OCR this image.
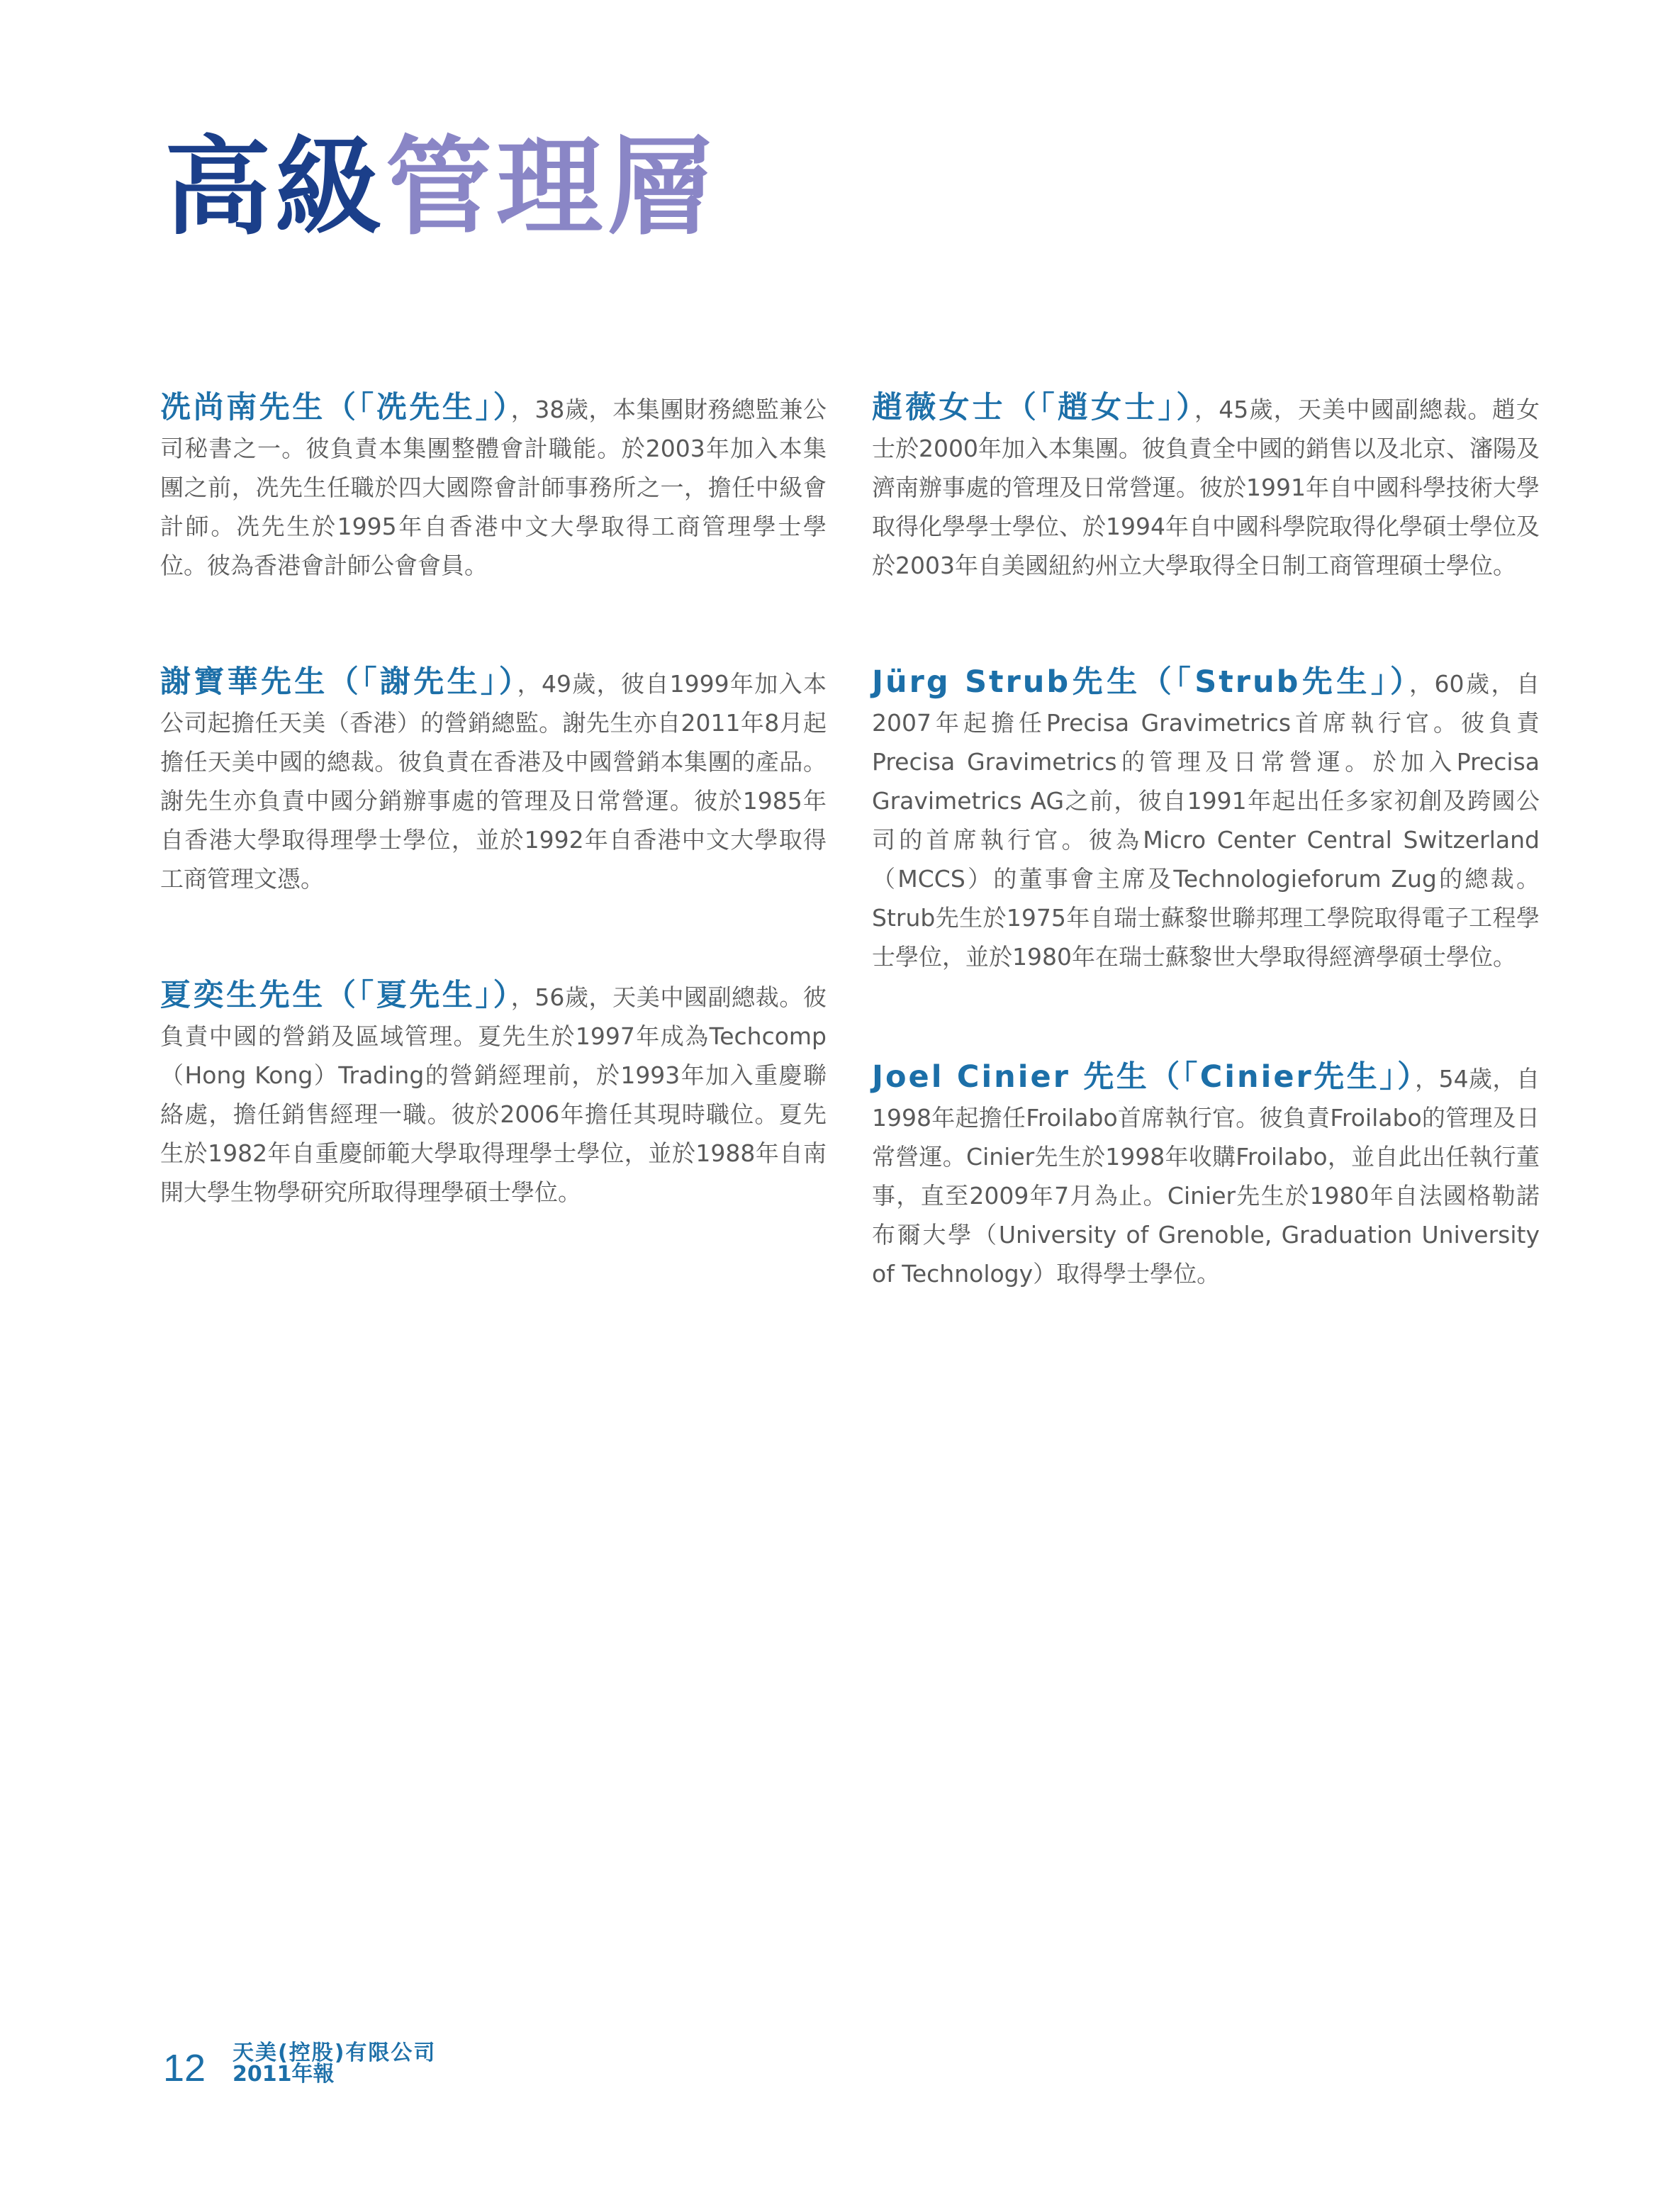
高級管理層

冼尚南先生（「冼先生」），38歲，本集團財務總監兼公司秘書之一。彼負責本集團整體會計職能。於2003年加入本集團之前，冼先生任職於四大國際會計師事務所之一，擔任中級會計師。冼先生於1995年自香港中文大學取得工商管理學士學位。彼為香港會計師公會會員。

謝寶華先生（「謝先生」），49歲，彼自1999年加入本公司起擔任天美（香港）的營銷總監。謝先生亦自2011年8月起擔任天美中國的總裁。彼負責在香港及中國營銷本集團的產品。謝先生亦負責中國分銷辦事處的管理及日常營運。彼於1985年自香港大學取得理學士學位，並於1992年自香港中文大學取得工商管理文憑。

夏奕生先生（「夏先生」），56歲，天美中國副總裁。彼負責中國的營銷及區域管理。夏先生於1997年成為Techcomp（Hong Kong）Trading的營銷經理前，於1993年加入重慶聯絡處，擔任銷售經理一職。彼於2006年擔任其現時職位。夏先生於1982年自重慶師範大學取得理學士學位，並於1988年自南開大學生物學研究所取得理學碩士學位。

趙薇女士（「趙女士」），45歲，天美中國副總裁。趙女士於2000年加入本集團。彼負責全中國的銷售以及北京、瀋陽及濟南辦事處的管理及日常營運。彼於1991年自中國科學技術大學取得化學學士學位、於1994年自中國科學院取得化學碩士學位及於2003年自美國紐約州立大學取得全日制工商管理碩士學位。

Jürg Strub先生（「Strub先生」），60歲，自2007年起擔任Precisa Gravimetrics首席執行官。彼負責Precisa Gravimetrics的管理及日常營運。於加入Precisa Gravimetrics AG之前，彼自1991年起出任多家初創及跨國公司的首席執行官。彼為Micro Center Central Switzerland（MCCS）的董事會主席及Technologieforum Zug的總裁。Strub先生於1975年自瑞士蘇黎世聯邦理工學院取得電子工程學士學位，並於1980年在瑞士蘇黎世大學取得經濟學碩士學位。

Joel Cinier 先生（「Cinier先生」），54歲，自1998年起擔任Froilabo首席執行官。彼負責Froilabo的管理及日常營運。Cinier先生於1998年收購Froilabo，並自此出任執行董事，直至2009年7月為止。Cinier先生於1980年自法國格勒諾布爾大學（University of Grenoble, Graduation University of Technology）取得學士學位。

12 天美(控股)有限公司
2011年報
